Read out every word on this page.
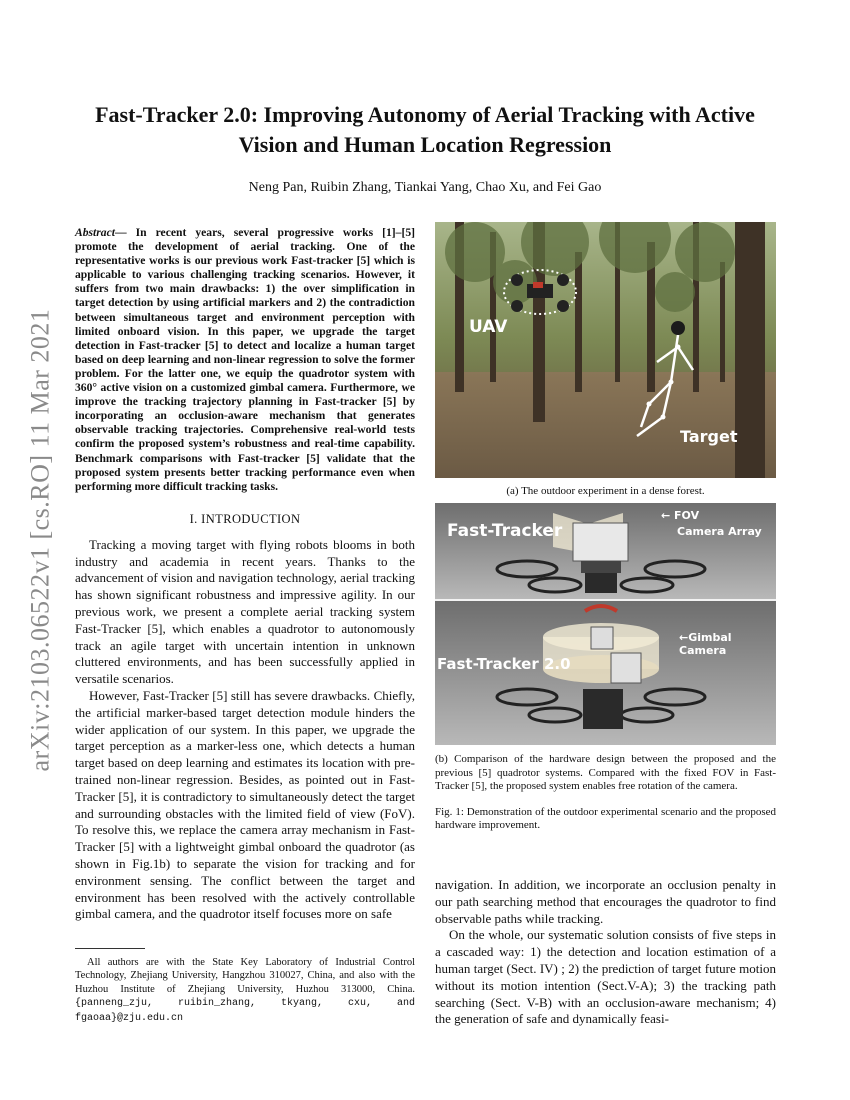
arXiv:2103.06522v1 [cs.RO] 11 Mar 2021
Fast-Tracker 2.0: Improving Autonomy of Aerial Tracking with Active
Vision and Human Location Regression
Neng Pan, Ruibin Zhang, Tiankai Yang, Chao Xu, and Fei Gao

Abstract— In recent years, several progressive works [1]–[5] promote the development of aerial tracking. One of the representative works is our previous work Fast-tracker [5] which is applicable to various challenging tracking scenarios. However, it suffers from two main drawbacks: 1) the over simplification in target detection by using artificial markers and 2) the contradiction between simultaneous target and environment perception with limited onboard vision. In this paper, we upgrade the target detection in Fast-tracker [5] to detect and localize a human target based on deep learning and non-linear regression to solve the former problem. For the latter one, we equip the quadrotor system with 360° active vision on a customized gimbal camera. Furthermore, we improve the tracking trajectory planning in Fast-tracker [5] by incorporating an occlusion-aware mechanism that generates observable tracking trajectories. Comprehensive real-world tests confirm the proposed system’s robustness and real-time capability. Benchmark comparisons with Fast-tracker [5] validate that the proposed system presents better tracking performance even when performing more difficult tracking tasks.

I. INTRODUCTION

Tracking a moving target with flying robots blooms in both industry and academia in recent years. Thanks to the advancement of vision and navigation technology, aerial tracking has shown significant robustness and impressive agility. In our previous work, we present a complete aerial tracking system Fast-Tracker [5], which enables a quadrotor to autonomously track an agile target with uncertain intention in unknown cluttered environments, and has been successfully applied in versatile scenarios.

However, Fast-Tracker [5] still has severe drawbacks. Chiefly, the artificial marker-based target detection module hinders the wider application of our system. In this paper, we upgrade the target perception as a marker-less one, which detects a human target based on deep learning and estimates its location with pre-trained non-linear regression. Besides, as pointed out in Fast-Tracker [5], it is contradictory to simultaneously detect the target and surrounding obstacles with the limited field of view (FoV). To resolve this, we replace the camera array mechanism in Fast-Tracker [5] with a lightweight gimbal onboard the quadrotor (as shown in Fig.1b) to separate the vision for tracking and for environment sensing. The conflict between the target and environment has been resolved with the actively controllable gimbal camera, and the quadrotor itself focuses more on safe

All authors are with the State Key Laboratory of Industrial Control Technology, Zhejiang University, Hangzhou 310027, China, and also with the Huzhou Institute of Zhejiang University, Huzhou 313000, China. {panneng_zju, ruibin_zhang, tkyang, cxu, and fgaoaa}@zju.edu.cn

UAV
Target
(a) The outdoor experiment in a dense forest.
Fast-Tracker
← FOV
Camera Array
Fast-Tracker 2.0
←Gimbal Camera

(b) Comparison of the hardware design between the proposed and the previous [5] quadrotor systems. Compared with the fixed FOV in Fast-Tracker [5], the proposed system enables free rotation of the camera.

Fig. 1: Demonstration of the outdoor experimental scenario and the proposed hardware improvement.

navigation. In addition, we incorporate an occlusion penalty in our path searching method that encourages the quadrotor to find observable paths while tracking.

On the whole, our systematic solution consists of five steps in a cascaded way: 1) the detection and location estimation of a human target (Sect. IV) ; 2) the prediction of target future motion without its motion intention (Sect.V-A); 3) the tracking path searching (Sect. V-B) with an occlusion-aware mechanism; 4) the generation of safe and dynamically feasi-
